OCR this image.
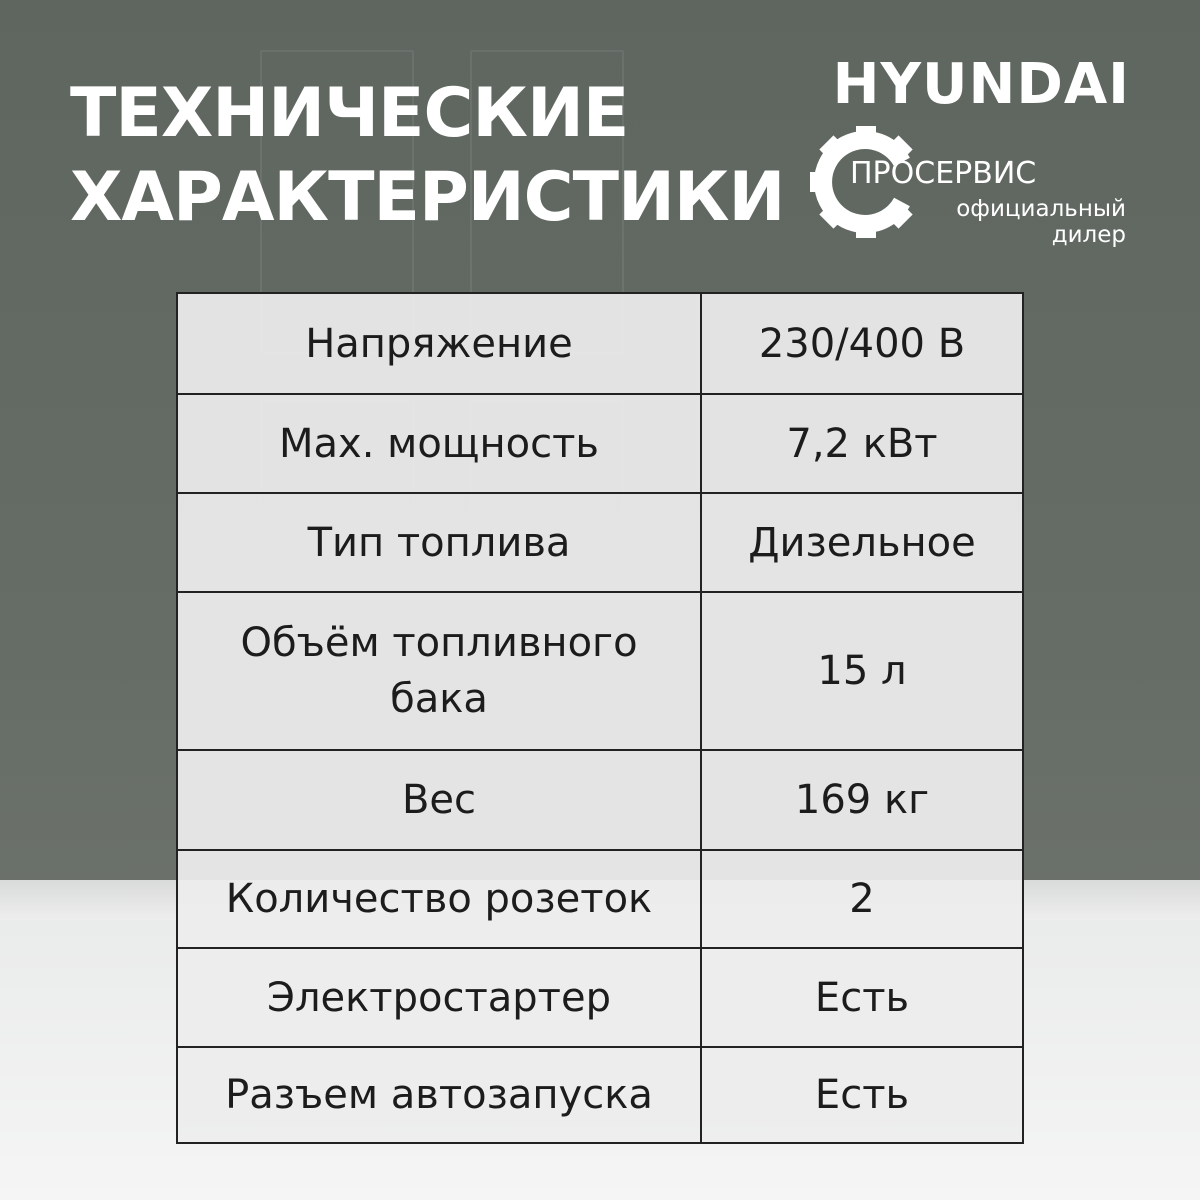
ТЕХНИЧЕСКИЕ
ХАРАКТЕРИСТИКИ
HYUNDAI
ПРОСЕРВИС
официальный
дилер
Напряжение	230/400 В
Max. мощность	7,2 кВт
Тип топлива	Дизельное
Объём топливного бака	15 л
Вес	169 кг
Количество розеток	2
Электростартер	Есть
Разъем автозапуска	Есть
